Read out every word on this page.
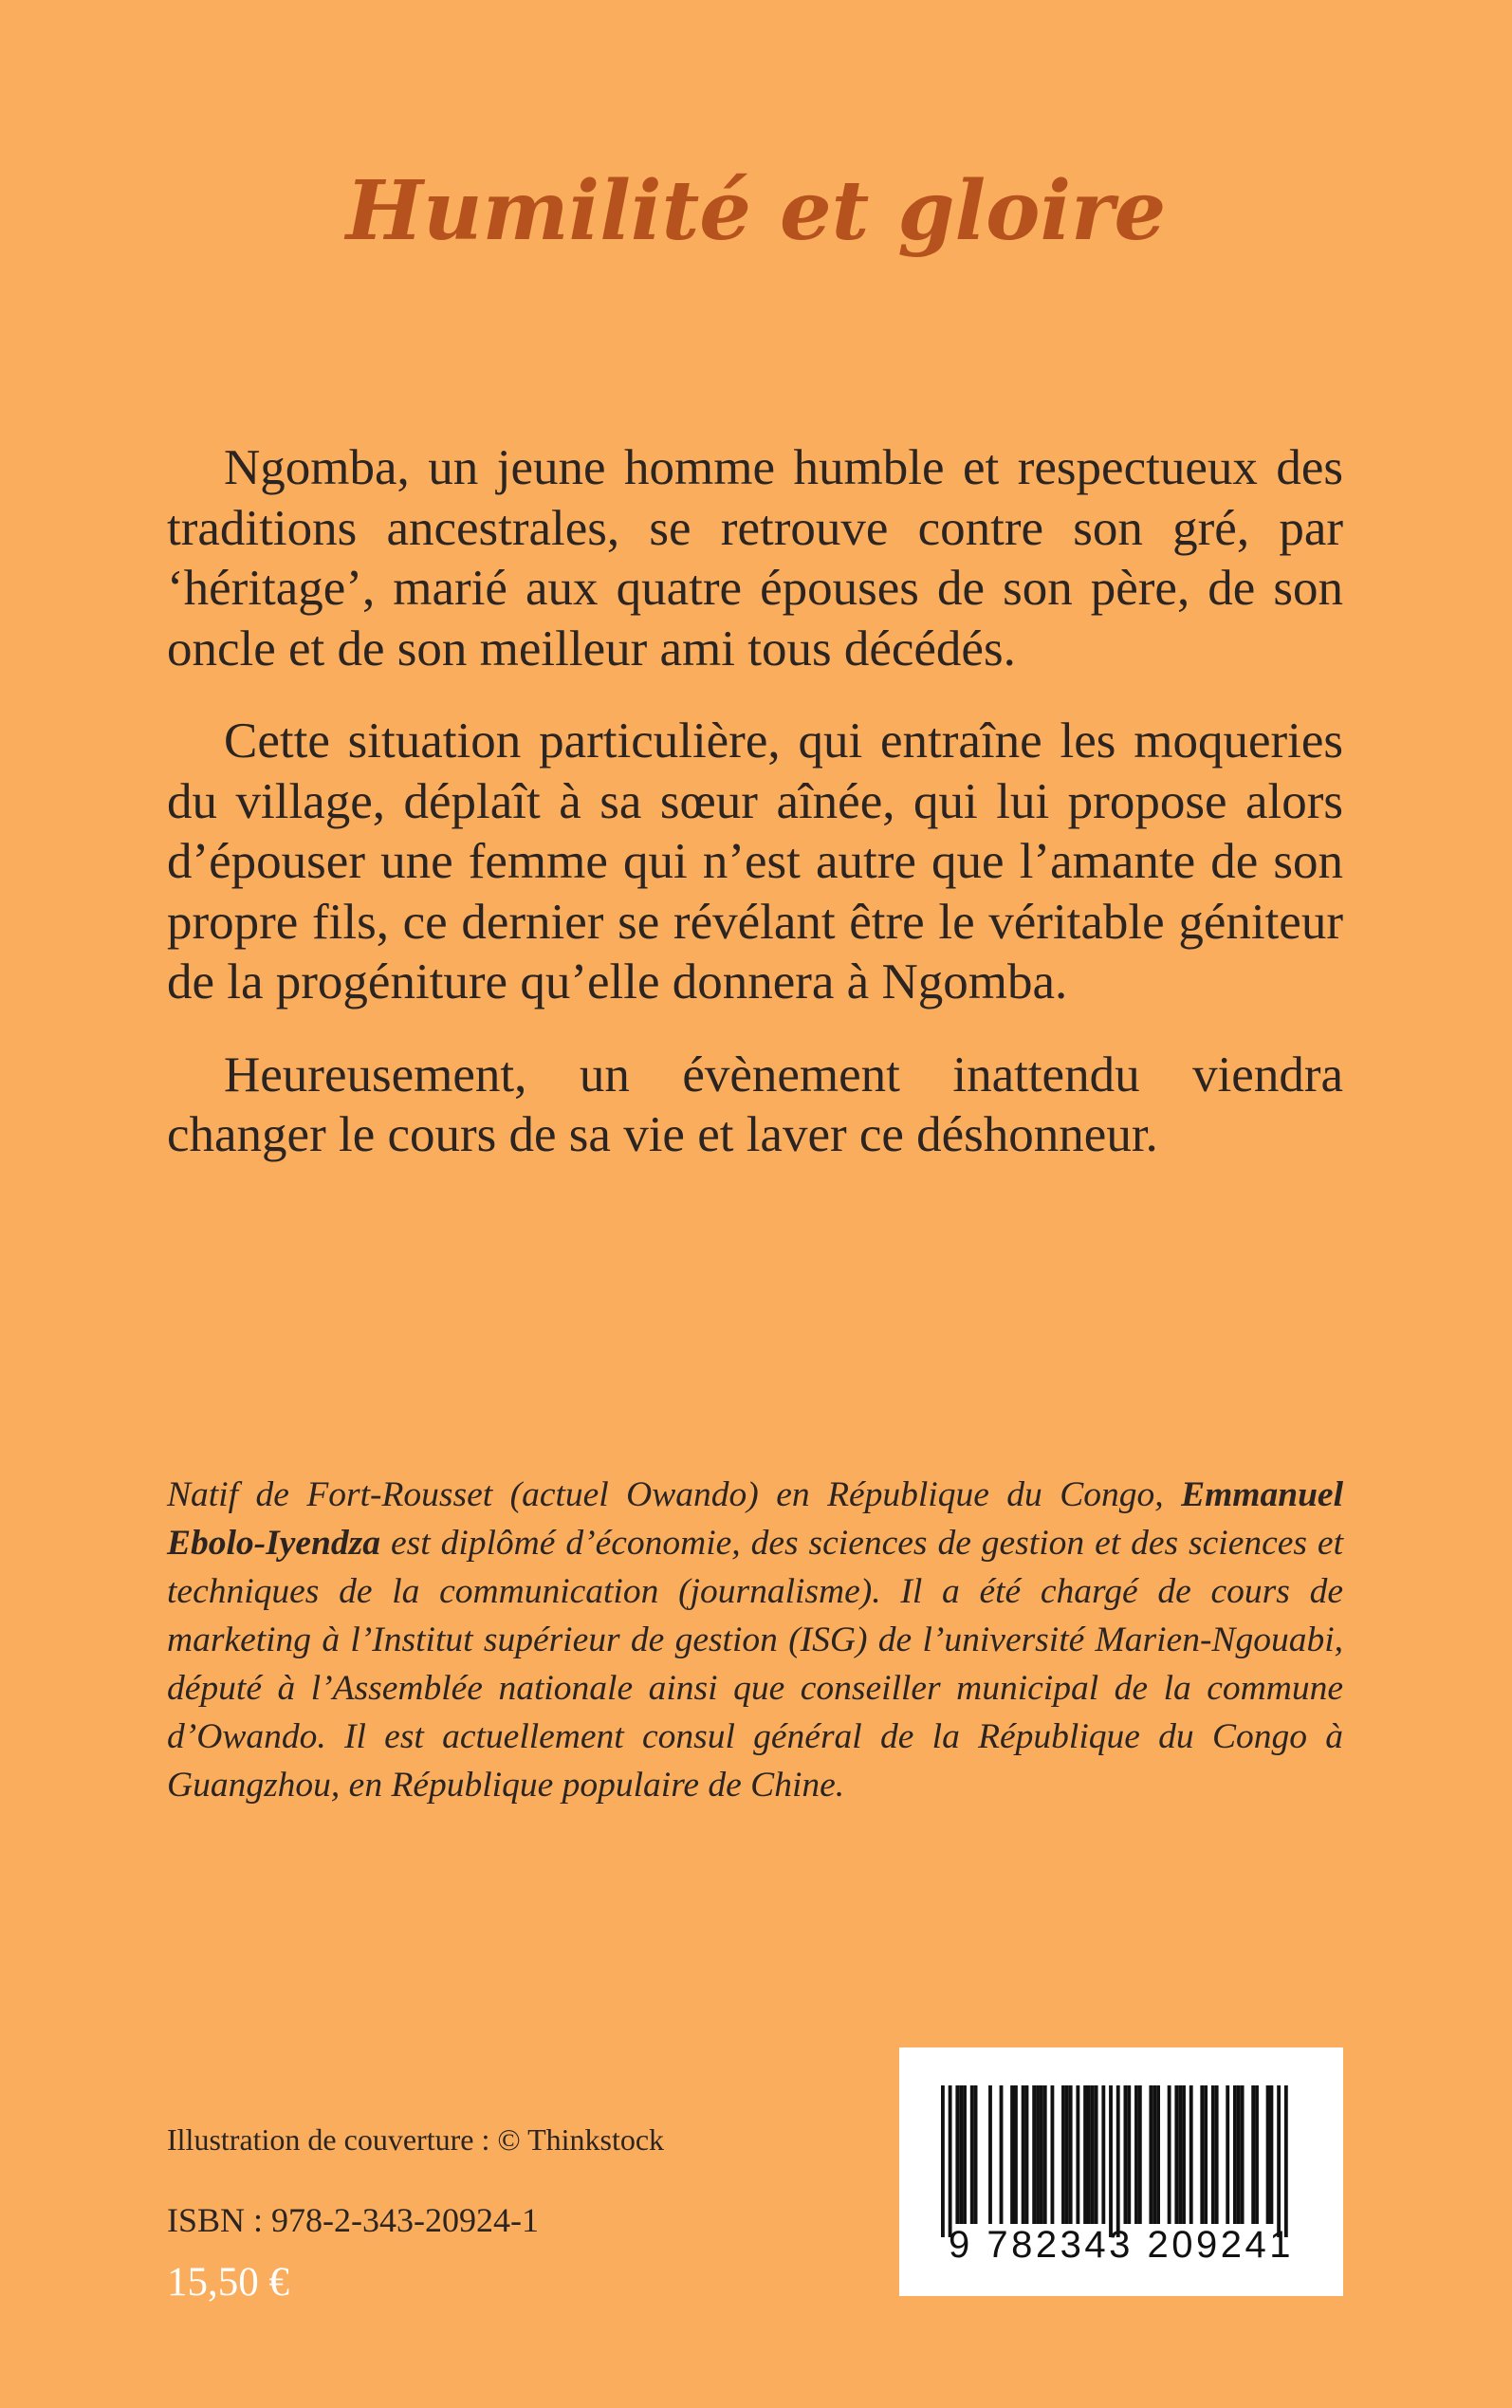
Humilité et gloire

Ngomba, un jeune homme humble et respectueux des traditions ancestrales, se retrouve contre son gré, par ‘héritage’, marié aux quatre épouses de son père, de son oncle et de son meilleur ami tous décédés.

Cette situation particulière, qui entraîne les moqueries du village, déplaît à sa sœur aînée, qui lui propose alors d’épouser une femme qui n’est autre que l’amante de son propre fils, ce dernier se révélant être le véritable géniteur de la progéniture qu’elle donnera à Ngomba.

Heureusement, un évènement inattendu viendra changer le cours de sa vie et laver ce déshonneur.

Natif de Fort-Rousset (actuel Owando) en République du Congo, Emmanuel Ebolo-Iyendza est diplômé d’économie, des sciences de gestion et des sciences et techniques de la communication (journalisme). Il a été chargé de cours de marketing à l’Institut supérieur de gestion (ISG) de l’université Marien-Ngouabi, député à l’Assemblée nationale ainsi que conseiller municipal de la commune d’Owando. Il est actuellement consul général de la République du Congo à Guangzhou, en République populaire de Chine.

Illustration de couverture : © Thinkstock
ISBN : 978-2-343-20924-1
15,50 €
9 782343 209241
